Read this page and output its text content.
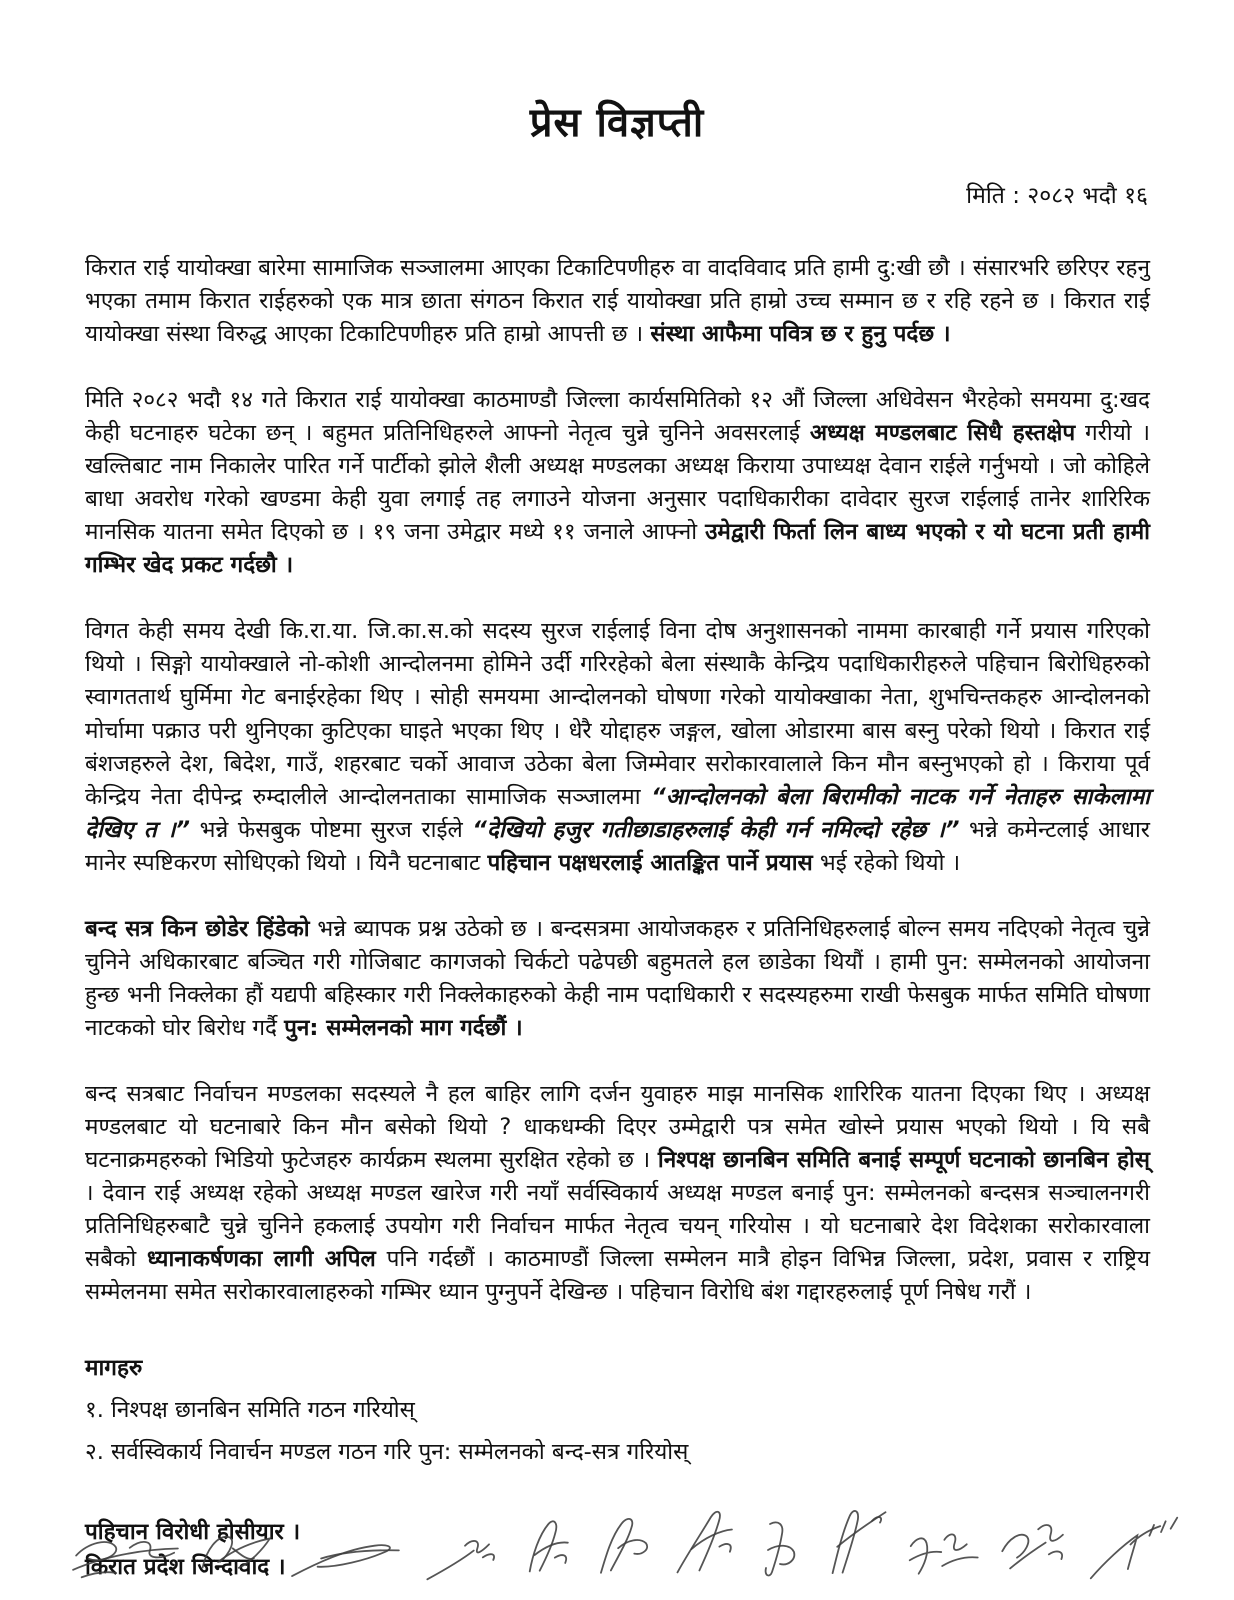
प्रेस विज्ञप्ती
मिति : २०८२ भदौ १६

किरात राई यायोक्खा बारेमा सामाजिक सञ्जालमा आएका टिकाटिपणीहरु वा वादविवाद प्रति हामी दु:खी छौ । संसारभरि छरिएर रहनु भएका तमाम किरात राईहरुको एक मात्र छाता संगठन किरात राई यायोक्खा प्रति हाम्रो उच्च सम्मान छ र रहि रहने छ । किरात राई यायोक्खा संस्था विरुद्ध आएका टिकाटिपणीहरु प्रति हाम्रो आपत्ती छ । संस्था आफैमा पवित्र छ र हुनु पर्दछ ।

मिति २०८२ भदौ १४ गते किरात राई यायोक्खा काठमाण्डौ जिल्ला कार्यसमितिको १२ औं जिल्ला अधिवेसन भैरहेको समयमा दु:खद केही घटनाहरु घटेका छन् । बहुमत प्रतिनिधिहरुले आफ्नो नेतृत्व चुन्ने चुनिने अवसरलाई अध्यक्ष मण्डलबाट सिधै हस्तक्षेप गरीयो । खल्तिबाट नाम निकालेर पारित गर्ने पार्टीको झोले शैली अध्यक्ष मण्डलका अध्यक्ष किराया उपाध्यक्ष देवान राईले गर्नुभयो । जो कोहिले बाधा अवरोध गरेको खण्डमा केही युवा लगाई तह लगाउने योजना अनुसार पदाधिकारीका दावेदार सुरज राईलाई तानेर शारिरिक मानसिक यातना समेत दिएको छ । १९ जना उमेद्वार मध्ये ११ जनाले आफ्नो उमेद्वारी फिर्ता लिन बाध्य भएको र यो घटना प्रती हामी गम्भिर खेद प्रकट गर्दछौ ।

विगत केही समय देखी कि.रा.या. जि.का.स.को सदस्य सुरज राईलाई विना दोष अनुशासनको नाममा कारबाही गर्ने प्रयास गरिएको थियो । सिङ्गो यायोक्खाले नो-कोशी आन्दोलनमा होमिने उर्दी गरिरहेको बेला संस्थाकै केन्द्रिय पदाधिकारीहरुले पहिचान बिरोधिहरुको स्वागततार्थ घुर्मिमा गेट बनाईरहेका थिए । सोही समयमा आन्दोलनको घोषणा गरेको यायोक्खाका नेता, शुभचिन्तकहरु आन्दोलनको मोर्चामा पक्राउ परी थुनिएका कुटिएका घाइते भएका थिए । धेरै योद्दाहरु जङ्गल, खोला ओडारमा बास बस्नु परेको थियो । किरात राई बंशजहरुले देश, बिदेश, गाउँ, शहरबाट चर्को आवाज उठेका बेला जिम्मेवार सरोकारवालाले किन मौन बस्नुभएको हो । किराया पूर्व केन्द्रिय नेता दीपेन्द्र रुम्दालीले आन्दोलनताका सामाजिक सञ्जालमा “आन्दोलनको बेला बिरामीको नाटक गर्ने नेताहरु साकेलामा देखिए त ।” भन्ने फेसबुक पोष्टमा सुरज राईले “देखियो हजुर गतीछाडाहरुलाई केही गर्न नमिल्दो रहेछ ।” भन्ने कमेन्टलाई आधार मानेर स्पष्टिकरण सोधिएको थियो । यिनै घटनाबाट पहिचान पक्षधरलाई आतङ्कित पार्ने प्रयास भई रहेको थियो ।

बन्द सत्र किन छोडेर हिंडेको भन्ने ब्यापक प्रश्न उठेको छ । बन्दसत्रमा आयोजकहरु र प्रतिनिधिहरुलाई बोल्न समय नदिएको नेतृत्व चुन्ने चुनिने अधिकारबाट बञ्चित गरी गोजिबाट कागजको चिर्कटो पढेपछी बहुमतले हल छाडेका थियौं । हामी पुन: सम्मेलनको आयोजना हुन्छ भनी निक्लेका हौं यद्यपी बहिस्कार गरी निक्लेकाहरुको केही नाम पदाधिकारी र सदस्यहरुमा राखी फेसबुक मार्फत समिति घोषणा नाटकको घोर बिरोध गर्दै पुन: सम्मेलनको माग गर्दछौं ।

बन्द सत्रबाट निर्वाचन मण्डलका सदस्यले नै हल बाहिर लागि दर्जन युवाहरु माझ मानसिक शारिरिक यातना दिएका थिए । अध्यक्ष मण्डलबाट यो घटनाबारे किन मौन बसेको थियो ? धाकधम्की दिएर उम्मेद्वारी पत्र समेत खोस्ने प्रयास भएको थियो । यि सबै घटनाक्रमहरुको भिडियो फुटेजहरु कार्यक्रम स्थलमा सुरक्षित रहेको छ । निश्पक्ष छानबिन समिति बनाई सम्पूर्ण घटनाको छानबिन होस् । देवान राई अध्यक्ष रहेको अध्यक्ष मण्डल खारेज गरी नयाँ सर्वस्विकार्य अध्यक्ष मण्डल बनाई पुन: सम्मेलनको बन्दसत्र सञ्चालनगरी प्रतिनिधिहरुबाटै चुन्ने चुनिने हकलाई उपयोग गरी निर्वाचन मार्फत नेतृत्व चयन् गरियोस । यो घटनाबारे देश विदेशका सरोकारवाला सबैको ध्यानाकर्षणका लागी अपिल पनि गर्दछौं । काठमाण्डौं जिल्ला सम्मेलन मात्रै होइन विभिन्न जिल्ला, प्रदेश, प्रवास र राष्ट्रिय सम्मेलनमा समेत सरोकारवालाहरुको गम्भिर ध्यान पुग्नुपर्ने देखिन्छ । पहिचान विरोधि बंश गद्दारहरुलाई पूर्ण निषेध गरौं ।

मागहरु
१. निश्पक्ष छानबिन समिति गठन गरियोस्
२. सर्वस्विकार्य निवार्चन मण्डल गठन गरि पुन: सम्मेलनको बन्द-सत्र गरियोस्
पहिचान विरोधी होसीयार ।
किरात प्रदेश जिन्दावाद ।
